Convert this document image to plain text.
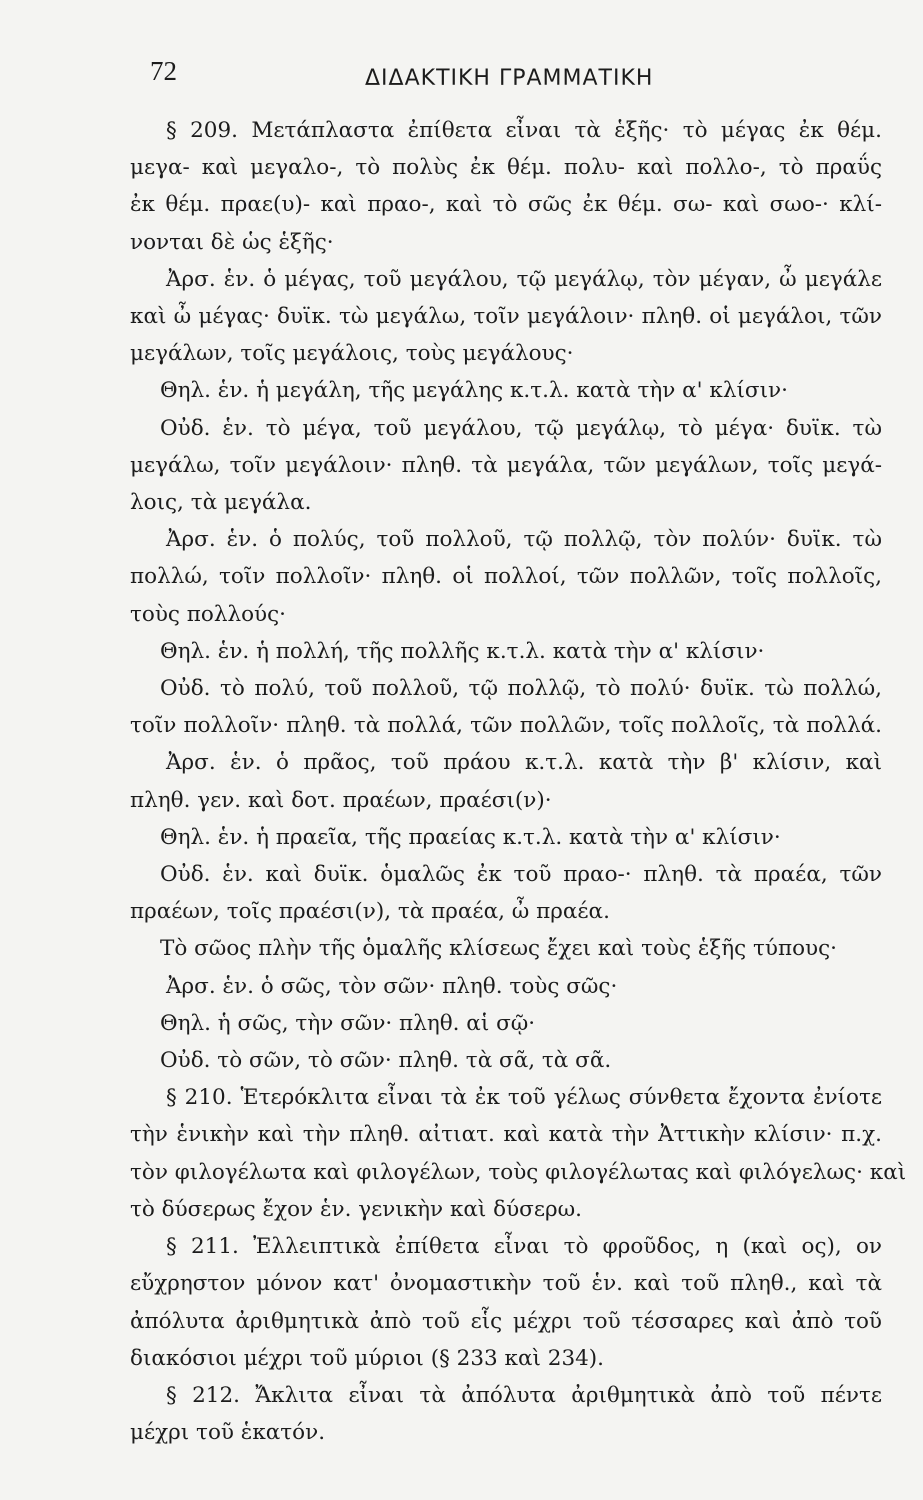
72	ΔΙΔΑΚΤΙΚΗ ΓΡΑΜΜΑΤΙΚΗ
§ 209. Μετάπλαστα ἐπίθετα εἶναι τὰ ἑξῆς· τὸ μέγας ἐκ θέμ.
μεγα- καὶ μεγαλο-, τὸ πολὺς ἐκ θέμ. πολυ- καὶ πολλο-, τὸ πραΰς
ἐκ θέμ. πραε(υ)- καὶ πραο-, καὶ τὸ σῶς ἐκ θέμ. σω- καὶ σωο-· κλί-
νονται δὲ ὡς ἑξῆς·
Ἀρσ. ἑν. ὁ μέγας, τοῦ μεγάλου, τῷ μεγάλῳ, τὸν μέγαν, ὦ μεγάλε
καὶ ὦ μέγας· δυϊκ. τὼ μεγάλω, τοῖν μεγάλοιν· πληθ. οἱ μεγάλοι, τῶν
μεγάλων, τοῖς μεγάλοις, τοὺς μεγάλους·
Θηλ. ἑν. ἡ μεγάλη, τῆς μεγάλης κ.τ.λ. κατὰ τὴν α' κλίσιν·
Οὐδ. ἑν. τὸ μέγα, τοῦ μεγάλου, τῷ μεγάλῳ, τὸ μέγα· δυϊκ. τὼ
μεγάλω, τοῖν μεγάλοιν· πληθ. τὰ μεγάλα, τῶν μεγάλων, τοῖς μεγά-
λοις, τὰ μεγάλα.
Ἀρσ. ἑν. ὁ πολύς, τοῦ πολλοῦ, τῷ πολλῷ, τὸν πολύν· δυϊκ. τὼ
πολλώ, τοῖν πολλοῖν· πληθ. οἱ πολλοί, τῶν πολλῶν, τοῖς πολλοῖς,
τοὺς πολλούς·
Θηλ. ἑν. ἡ πολλή, τῆς πολλῆς κ.τ.λ. κατὰ τὴν α' κλίσιν·
Οὐδ. τὸ πολύ, τοῦ πολλοῦ, τῷ πολλῷ, τὸ πολύ· δυϊκ. τὼ πολλώ,
τοῖν πολλοῖν· πληθ. τὰ πολλά, τῶν πολλῶν, τοῖς πολλοῖς, τὰ πολλά.
Ἀρσ. ἑν. ὁ πρᾶος, τοῦ πράου κ.τ.λ. κατὰ τὴν β' κλίσιν, καὶ
πληθ. γεν. καὶ δοτ. πραέων, πραέσι(ν)·
Θηλ. ἑν. ἡ πραεῖα, τῆς πραείας κ.τ.λ. κατὰ τὴν α' κλίσιν·
Οὐδ. ἑν. καὶ δυϊκ. ὁμαλῶς ἐκ τοῦ πραο-· πληθ. τὰ πραέα, τῶν
πραέων, τοῖς πραέσι(ν), τὰ πραέα, ὦ πραέα.
Τὸ σῶος πλὴν τῆς ὁμαλῆς κλίσεως ἔχει καὶ τοὺς ἑξῆς τύπους·
Ἀρσ. ἑν. ὁ σῶς, τὸν σῶν· πληθ. τοὺς σῶς·
Θηλ. ἡ σῶς, τὴν σῶν· πληθ. αἱ σῷ·
Οὐδ. τὸ σῶν, τὸ σῶν· πληθ. τὰ σᾶ, τὰ σᾶ.
§ 210. Ἑτερόκλιτα εἶναι τὰ ἐκ τοῦ γέλως σύνθετα ἔχοντα ἐνίοτε
τὴν ἑνικὴν καὶ τὴν πληθ. αἰτιατ. καὶ κατὰ τὴν Ἀττικὴν κλίσιν· π.χ.
τὸν φιλογέλωτα καὶ φιλογέλων, τοὺς φιλογέλωτας καὶ φιλόγελως· καὶ
τὸ δύσερως ἔχον ἑν. γενικὴν καὶ δύσερω.
§ 211. Ἐλλειπτικὰ ἐπίθετα εἶναι τὸ φροῦδος, η (καὶ ος), ον
εὔχρηστον μόνον κατ' ὀνομαστικὴν τοῦ ἑν. καὶ τοῦ πληθ., καὶ τὰ
ἀπόλυτα ἀριθμητικὰ ἀπὸ τοῦ εἷς μέχρι τοῦ τέσσαρες καὶ ἀπὸ τοῦ
διακόσιοι μέχρι τοῦ μύριοι (§ 233 καὶ 234).
§ 212. Ἄκλιτα εἶναι τὰ ἀπόλυτα ἀριθμητικὰ ἀπὸ τοῦ πέντε
μέχρι τοῦ ἑκατόν.
